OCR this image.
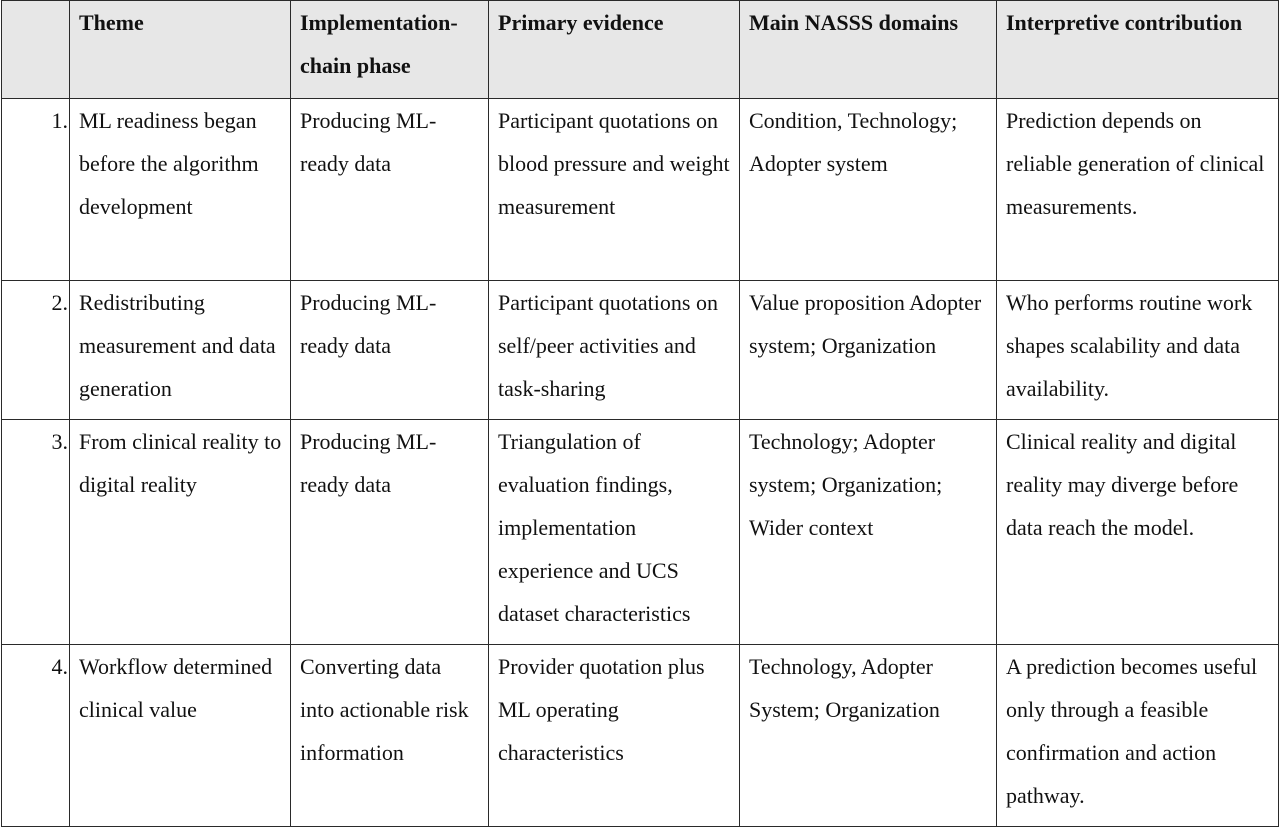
	Theme	Implementation-chain phase	Primary evidence	Main NASSS domains	Interpretive contribution

1.	ML readiness began before the algorithm development	Producing ML-ready data	Participant quotations on blood pressure and weight measurement	Condition, Technology; Adopter system	Prediction depends on reliable generation of clinical measurements.

2.	Redistributing measurement and data generation	Producing ML-ready data	Participant quotations on self/peer activities and task-sharing	Value proposition Adopter system; Organization	Who performs routine work shapes scalability and data availability.

3.	From clinical reality to digital reality	Producing ML-ready data	Triangulation of evaluation findings, implementation experience and UCS dataset characteristics	Technology; Adopter system; Organization; Wider context	Clinical reality and digital reality may diverge before data reach the model.

4.	Workflow determined clinical value	Converting data into actionable risk information	Provider quotation plus ML operating characteristics	Technology, Adopter System; Organization	A prediction becomes useful only through a feasible confirmation and action pathway.
